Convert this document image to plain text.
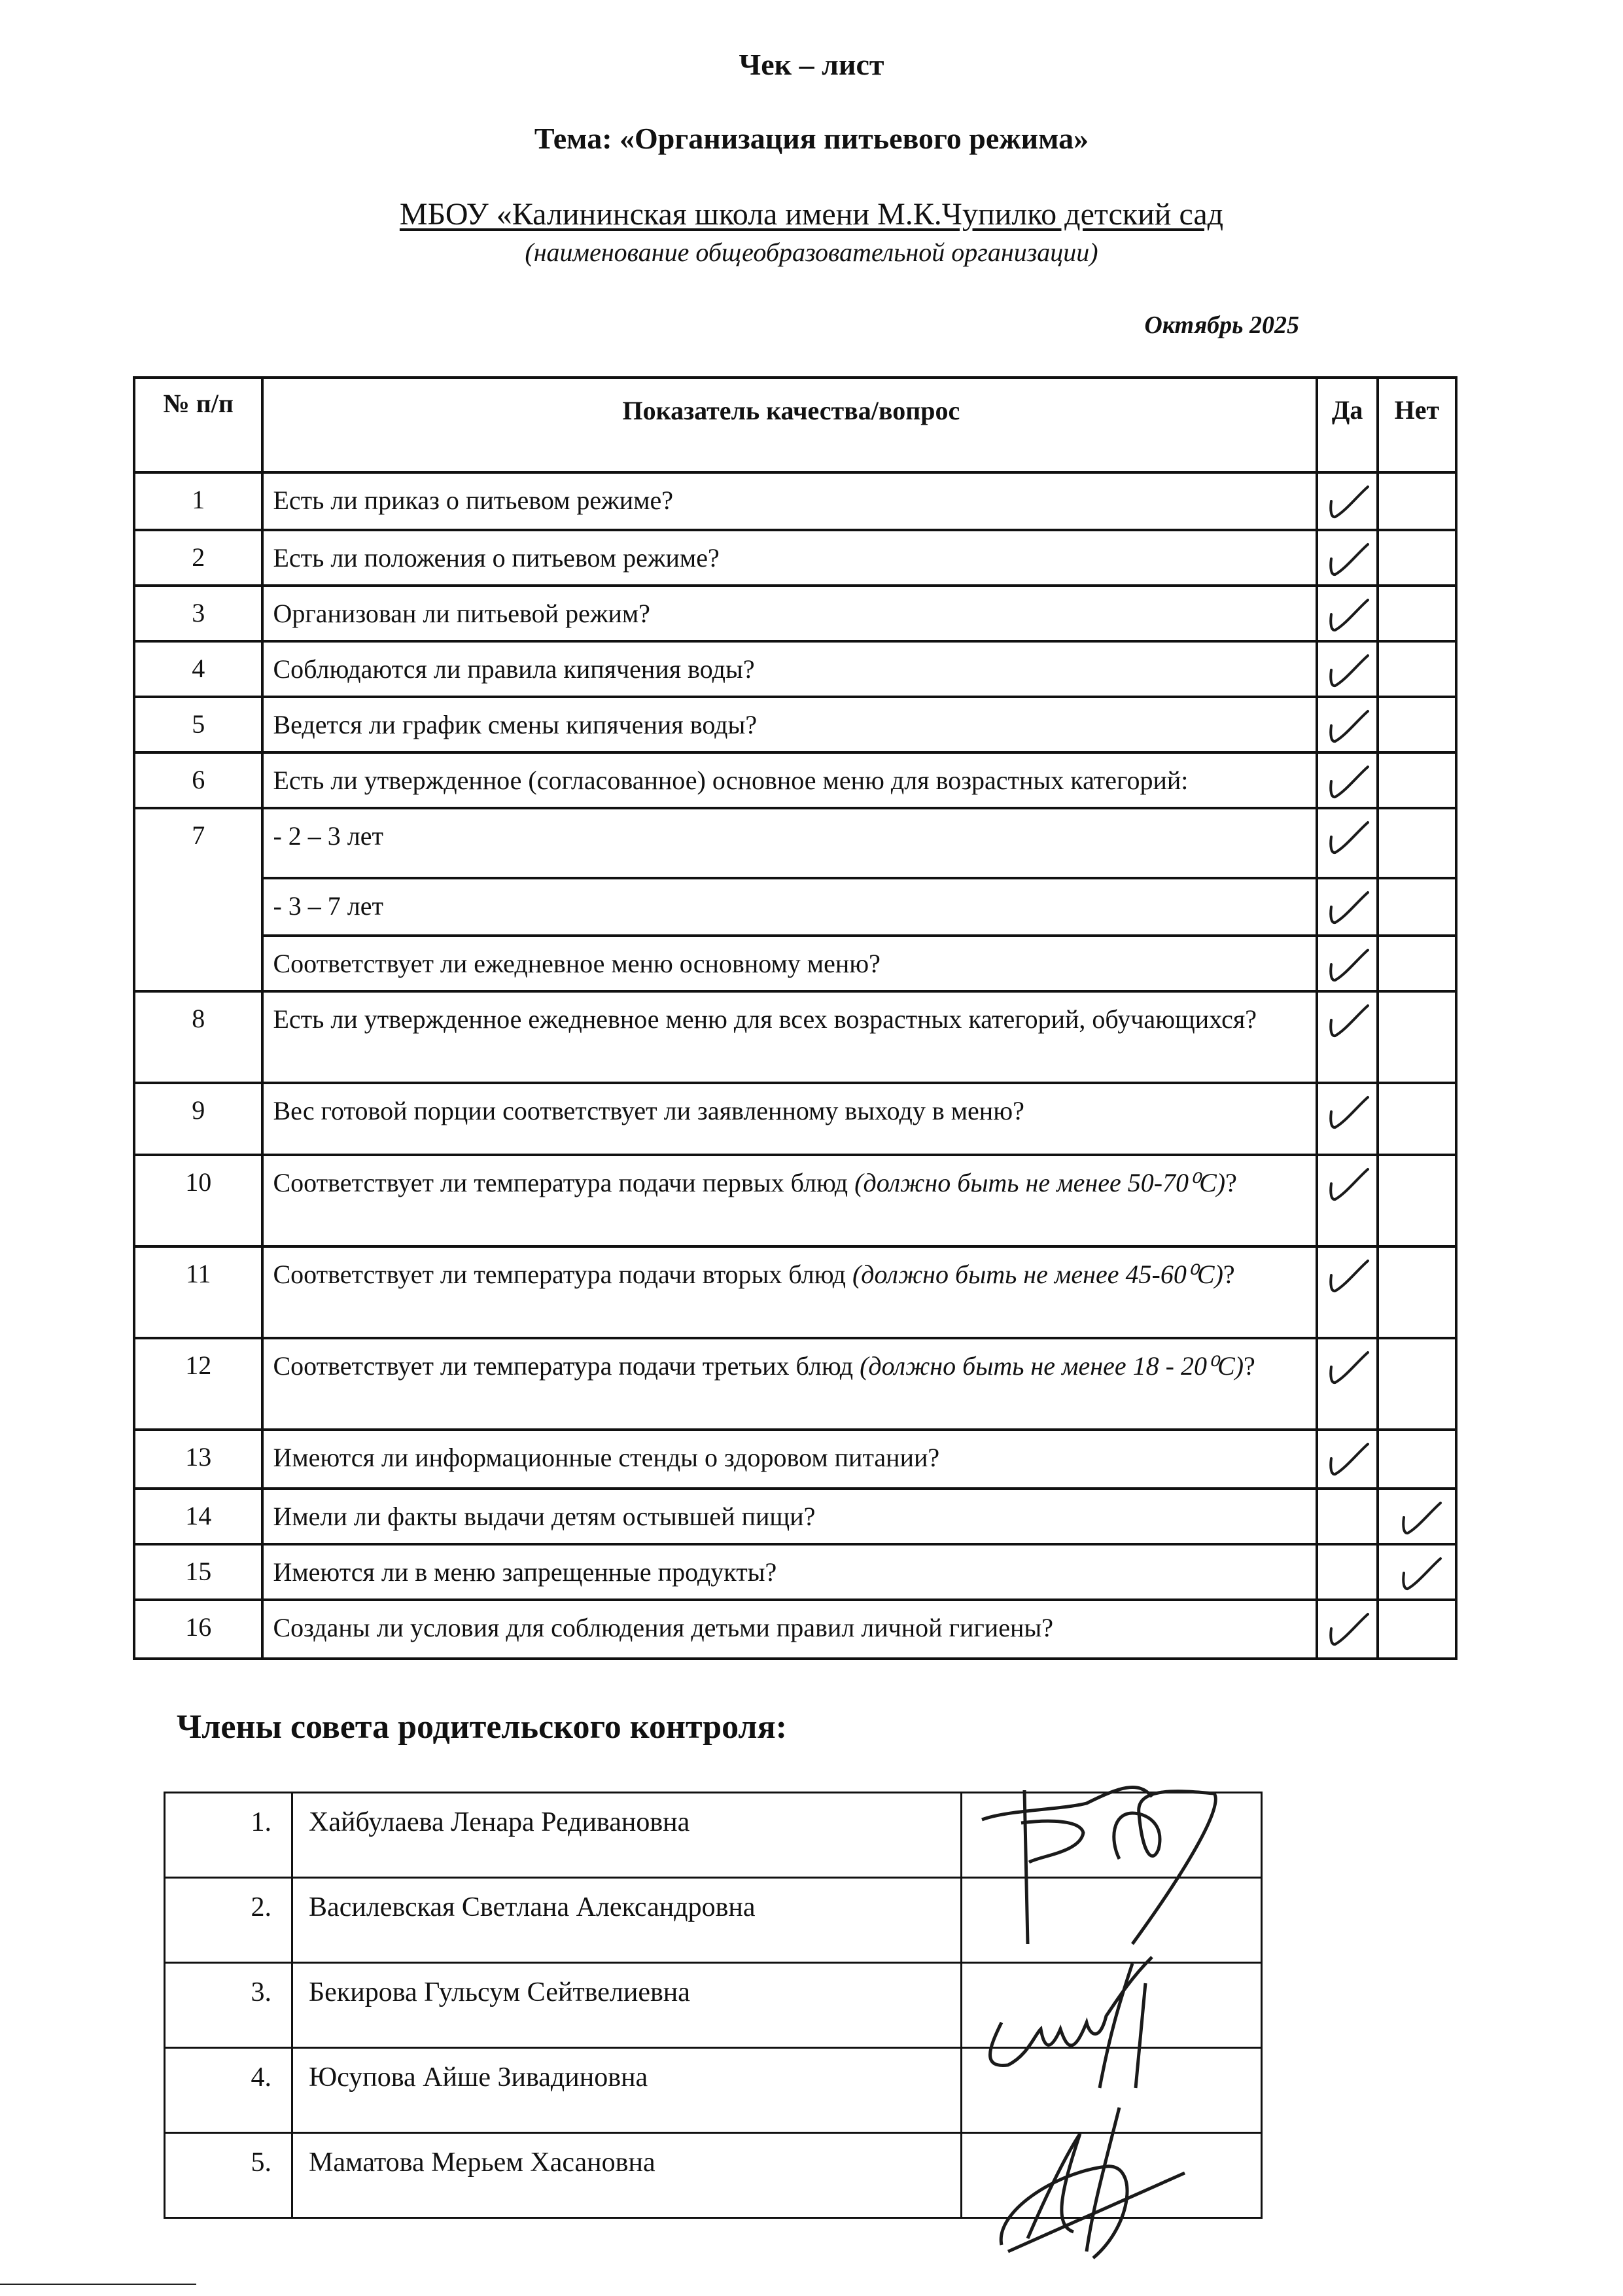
Чек – лист
Тема: «Организация питьевого режима»
МБОУ «Калининская школа имени М.К.Чупилко детский сад
(наименование общеобразовательной организации)
Октябрь 2025
№ п/п	Показатель качества/вопрос	Да	Нет

1	Есть ли приказ о питьевом режиме?	

2	Есть ли положения о питьевом режиме?	

3	Организован ли питьевой режим?	

4	Соблюдаются ли правила кипячения воды?	

5	Ведется ли график смены кипячения воды?	

6	Есть ли утвержденное (согласованное) основное меню для возрастных категорий:	

7	- 2 – 3 лет	

	- 3 – 7 лет	

	Соответствует ли ежедневное меню основному меню?	

8	Есть ли утвержденное ежедневное меню для всех возрастных категорий, обучающихся?	

9	Вес готовой порции соответствует ли заявленному выходу в меню?	

10	Соответствует ли температура подачи первых блюд (должно быть не менее 50-70⁰С)?	

11	Соответствует ли температура подачи вторых блюд (должно быть не менее 45-60⁰С)?	

12	Соответствует ли температура подачи третьих блюд (должно быть не менее 18 - 20⁰С)?	

13	Имеются ли информационные стенды о здоровом питании?	

14	Имели ли факты выдачи детям остывшей пищи?		

15	Имеются ли в меню запрещенные продукты?		

16	Созданы ли условия для соблюдения детьми правил личной гигиены?	

Члены совета родительского контроля:
1.	Хайбулаева Ленара Редивановна	

2.	Василевская Светлана Александровна	
3.	Бекирова Гульсум Сейтвелиевна	

4.	Юсупова Айше Зивадиновна	
5.	Маматова Мерьем Хасановна	
